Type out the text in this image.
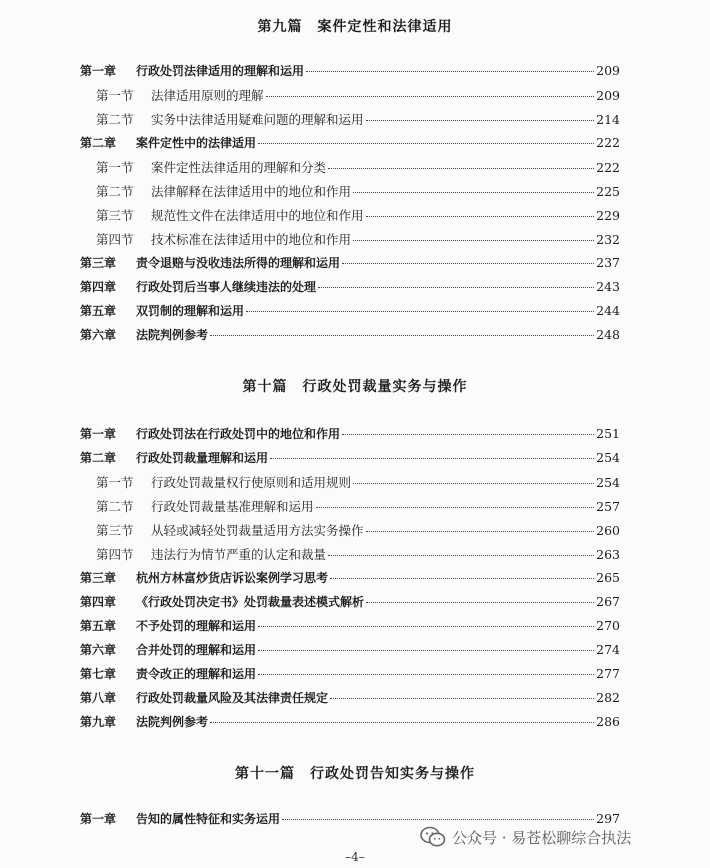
第九篇　案件定性和法律适用
第一章	行政处罚法律适用的理解和运用	209
第一节	法律适用原则的理解	209
第二节	实务中法律适用疑难问题的理解和运用	214
第二章	案件定性中的法律适用	222
第一节	案件定性法律适用的理解和分类	222
第二节	法律解释在法律适用中的地位和作用	225
第三节	规范性文件在法律适用中的地位和作用	229
第四节	技术标准在法律适用中的地位和作用	232
第三章	责令退赔与没收违法所得的理解和运用	237
第四章	行政处罚后当事人继续违法的处理	243
第五章	双罚制的理解和运用	244
第六章	法院判例参考	248
第十篇　行政处罚裁量实务与操作
第一章	行政处罚法在行政处罚中的地位和作用	251
第二章	行政处罚裁量理解和运用	254
第一节	行政处罚裁量权行使原则和适用规则	254
第二节	行政处罚裁量基准理解和运用	257
第三节	从轻或减轻处罚裁量适用方法实务操作	260
第四节	违法行为情节严重的认定和裁量	263
第三章	杭州方林富炒货店诉讼案例学习思考	265
第四章	《行政处罚决定书》处罚裁量表述模式解析	267
第五章	不予处罚的理解和运用	270
第六章	合并处罚的理解和运用	274
第七章	责令改正的理解和运用	277
第八章	行政处罚裁量风险及其法律责任规定	282
第九章	法院判例参考	286
第十一篇　行政处罚告知实务与操作
第一章	告知的属性特征和实务运用	297
公众号 · 易苍松聊综合执法
–4–
